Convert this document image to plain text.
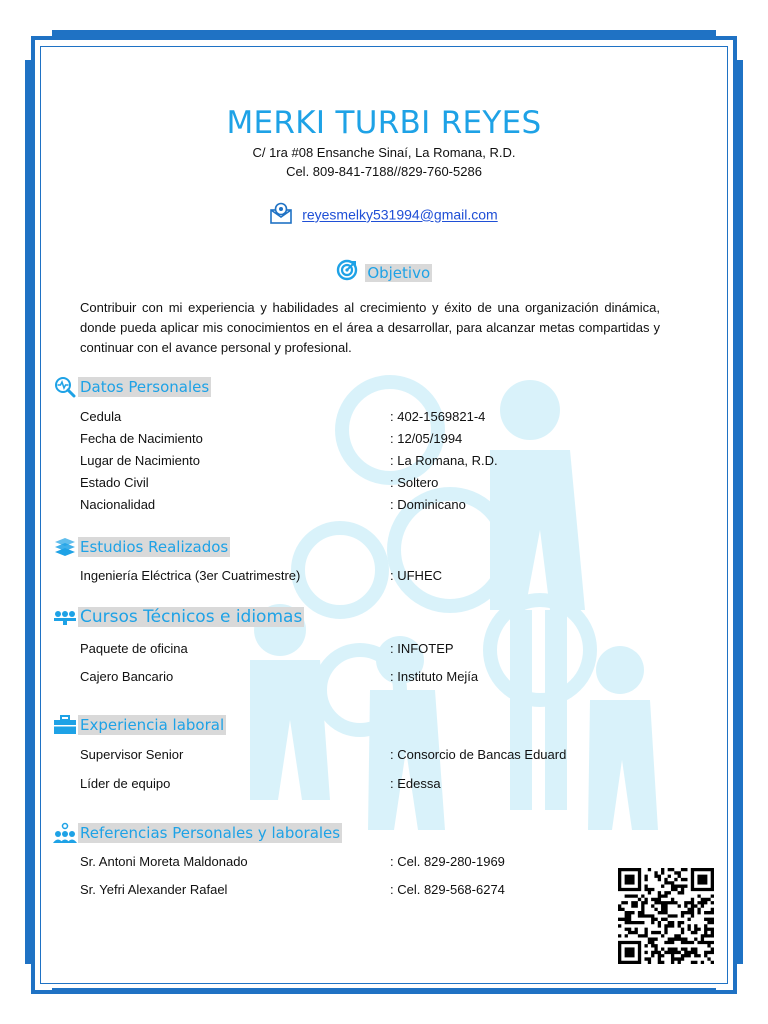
MERKI TURBI REYES
C/ 1ra #08 Ensanche Sinaí, La Romana, R.D.
Cel. 809-841-7188//829-760-5286
reyesmelky531994@gmail.com
Objetivo
Contribuir con mi experiencia y habilidades al crecimiento y éxito de una organización dinámica, donde pueda aplicar mis conocimientos en el área a desarrollar, para alcanzar metas compartidas y continuar con el avance personal y profesional.
Datos Personales
Cedula	: 402-1569821-4
Fecha de Nacimiento	: 12/05/1994
Lugar de Nacimiento	: La Romana, R.D.
Estado Civil	: Soltero
Nacionalidad	: Dominicano
Estudios Realizados
Ingeniería Eléctrica (3er Cuatrimestre)	: UFHEC
Cursos Técnicos e idiomas
Paquete de oficina	: INFOTEP
Cajero Bancario	: Instituto Mejía
Experiencia laboral
Supervisor Senior	: Consorcio de Bancas Eduard
Líder de equipo	: Edessa
Referencias Personales y laborales
Sr. Antoni Moreta Maldonado	: Cel. 829-280-1969
Sr. Yefri Alexander Rafael	: Cel. 829-568-6274
